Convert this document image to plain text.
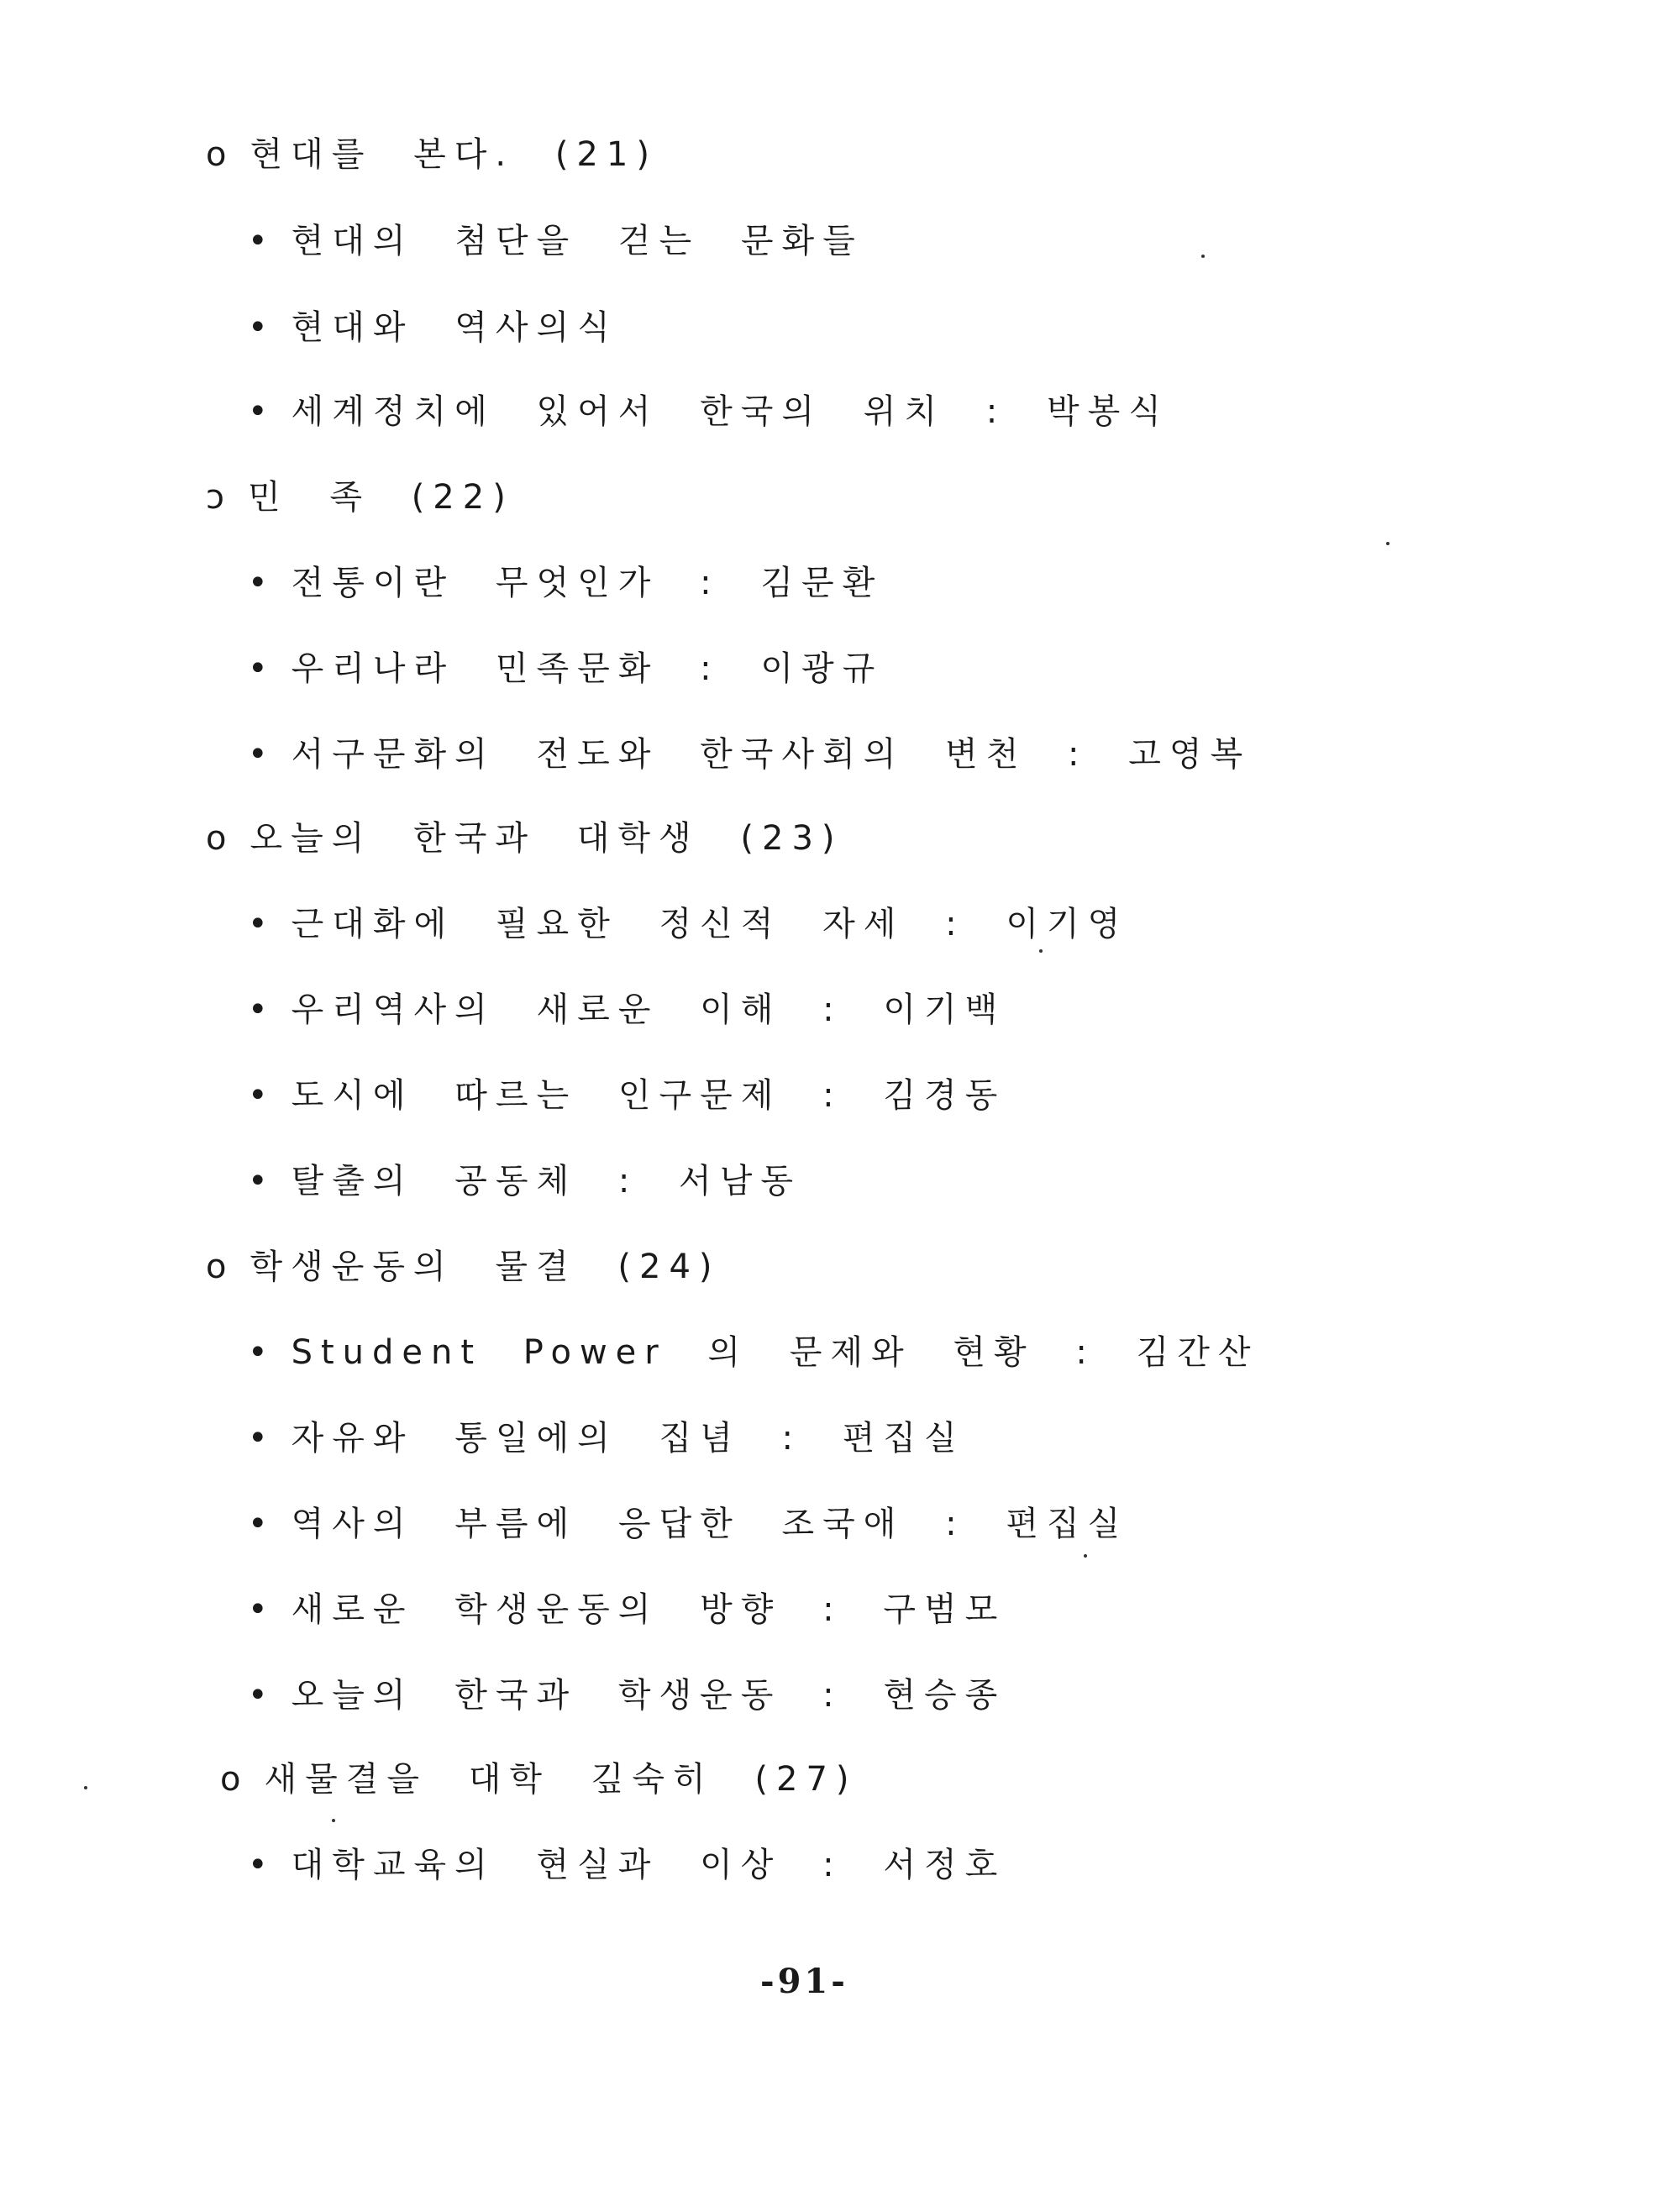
o 현대를 본다. (21)
• 현대의 첨단을 걷는 문화들
• 현대와 역사의식
• 세계정치에 있어서 한국의 위치 : 박봉식
ɔ 민 족 (22)
• 전통이란 무엇인가 : 김문환
• 우리나라 민족문화 : 이광규
• 서구문화의 전도와 한국사회의 변천 : 고영복
o 오늘의 한국과 대학생 (23)
• 근대화에 필요한 정신적 자세 : 이기영
• 우리역사의 새로운 이해 : 이기백
• 도시에 따르는 인구문제 : 김경동
• 탈출의 공동체 : 서남동
o 학생운동의 물결 (24)
• Student Power 의 문제와 현황 : 김간산
• 자유와 통일에의 집념 : 편집실
• 역사의 부름에 응답한 조국애 : 편집실
• 새로운 학생운동의 방향 : 구범모
• 오늘의 한국과 학생운동 : 현승종
o 새물결을 대학 깊숙히 (27)
• 대학교육의 현실과 이상 : 서정호
-91-
